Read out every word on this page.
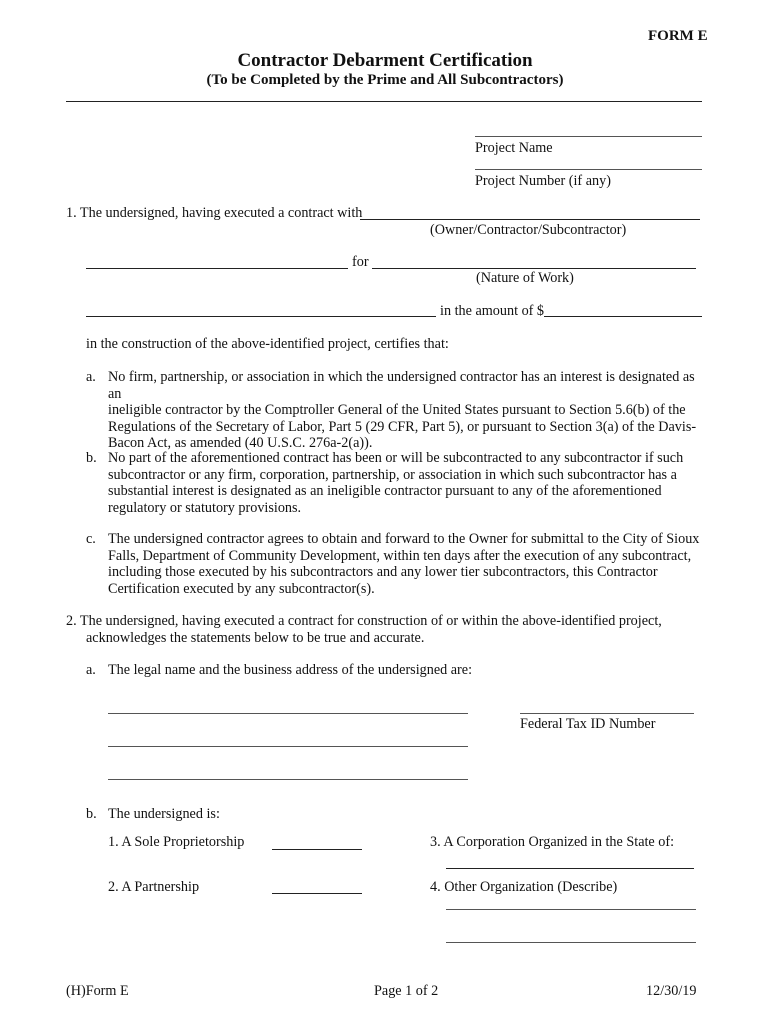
FORM E
Contractor Debarment Certification
(To be Completed by the Prime and All Subcontractors)
Project Name
Project Number (if any)
1. The undersigned, having executed a contract with
(Owner/Contractor/Subcontractor)
for
(Nature of Work)
in the amount of $
in the construction of the above-identified project, certifies that:
a. No firm, partnership, or association in which the undersigned contractor has an interest is designated as an
ineligible contractor by the Comptroller General of the United States pursuant to Section 5.6(b) of the
Regulations of the Secretary of Labor, Part 5 (29 CFR, Part 5), or pursuant to Section 3(a) of the Davis-
Bacon Act, as amended (40 U.S.C. 276a-2(a)).
b. No part of the aforementioned contract has been or will be subcontracted to any subcontractor if such
subcontractor or any firm, corporation, partnership, or association in which such subcontractor has a
substantial interest is designated as an ineligible contractor pursuant to any of the aforementioned
regulatory or statutory provisions.
c. The undersigned contractor agrees to obtain and forward to the Owner for submittal to the City of Sioux
Falls, Department of Community Development, within ten days after the execution of any subcontract,
including those executed by his subcontractors and any lower tier subcontractors, this Contractor
Certification executed by any subcontractor(s).
2. The undersigned, having executed a contract for construction of or within the above-identified project,
acknowledges the statements below to be true and accurate.
a. The legal name and the business address of the undersigned are:
Federal Tax ID Number
b. The undersigned is:
1. A Sole Proprietorship	3. A Corporation Organized in the State of:
2. A Partnership	4. Other Organization (Describe)
(H)Form E	Page 1 of 2	12/30/19
